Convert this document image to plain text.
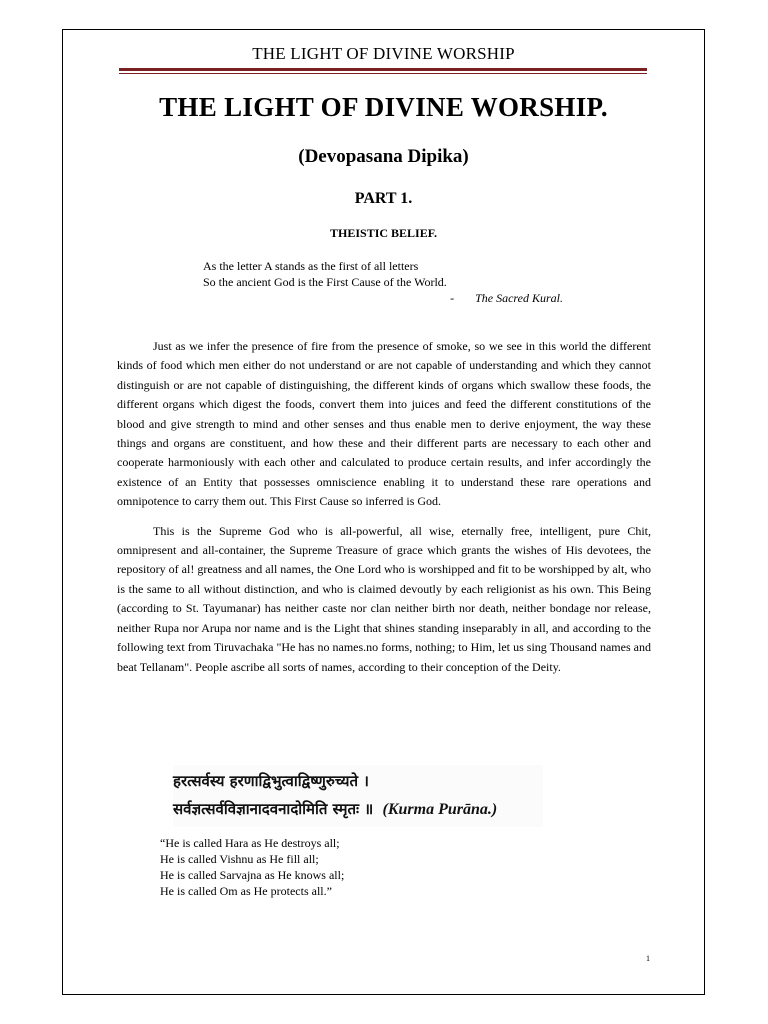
THE LIGHT OF DIVINE WORSHIP
THE LIGHT OF DIVINE WORSHIP.
(Devopasana Dipika)
PART 1.
THEISTIC BELIEF.
As the letter A stands as the first of all letters
So the ancient God is the First Cause of the World.
- The Sacred Kural.

Just as we infer the presence of fire from the presence of smoke, so we see in this world the different kinds of food which men either do not understand or are not capable of understanding and which they cannot distinguish or are not capable of distinguishing, the different kinds of organs which swallow these foods, the different organs which digest the foods, convert them into juices and feed the different constitutions of the blood and give strength to mind and other senses and thus enable men to derive enjoyment, the way these things and organs are constituent, and how these and their different parts are necessary to each other and cooperate harmoniously with each other and calculated to produce certain results, and infer accordingly the existence of an Entity that possesses omniscience enabling it to understand these rare operations and omnipotence to carry them out. This First Cause so inferred is God.

This is the Supreme God who is all-powerful, all wise, eternally free, intelligent, pure Chit, omnipresent and all-container, the Supreme Treasure of grace which grants the wishes of His devotees, the repository of al! greatness and all names, the One Lord who is worshipped and fit to be worshipped by alt, who is the same to all without distinction, and who is claimed devoutly by each religionist as his own. This Being (according to St. Tayumanar) has neither caste nor clan neither birth nor death, neither bondage nor release, neither Rupa nor Arupa nor name and is the Light that shines standing inseparably in all, and according to the following text from Tiruvachaka "He has no names.no forms, nothing; to Him, let us sing Thousand names and beat Tellanam". People ascribe all sorts of names, according to their conception of the Deity.

हरत्सर्वस्य हरणाद्विभुत्वाद्विष्णुरुच्यते ।
सर्वज्ञत्सर्वविज्ञानादवनादोमिति स्मृतः ॥ (Kurma Purāna.)
“He is called Hara as He destroys all;
He is called Vishnu as He fill all;
He is called Sarvajna as He knows all;
He is called Om as He protects all.”
1
